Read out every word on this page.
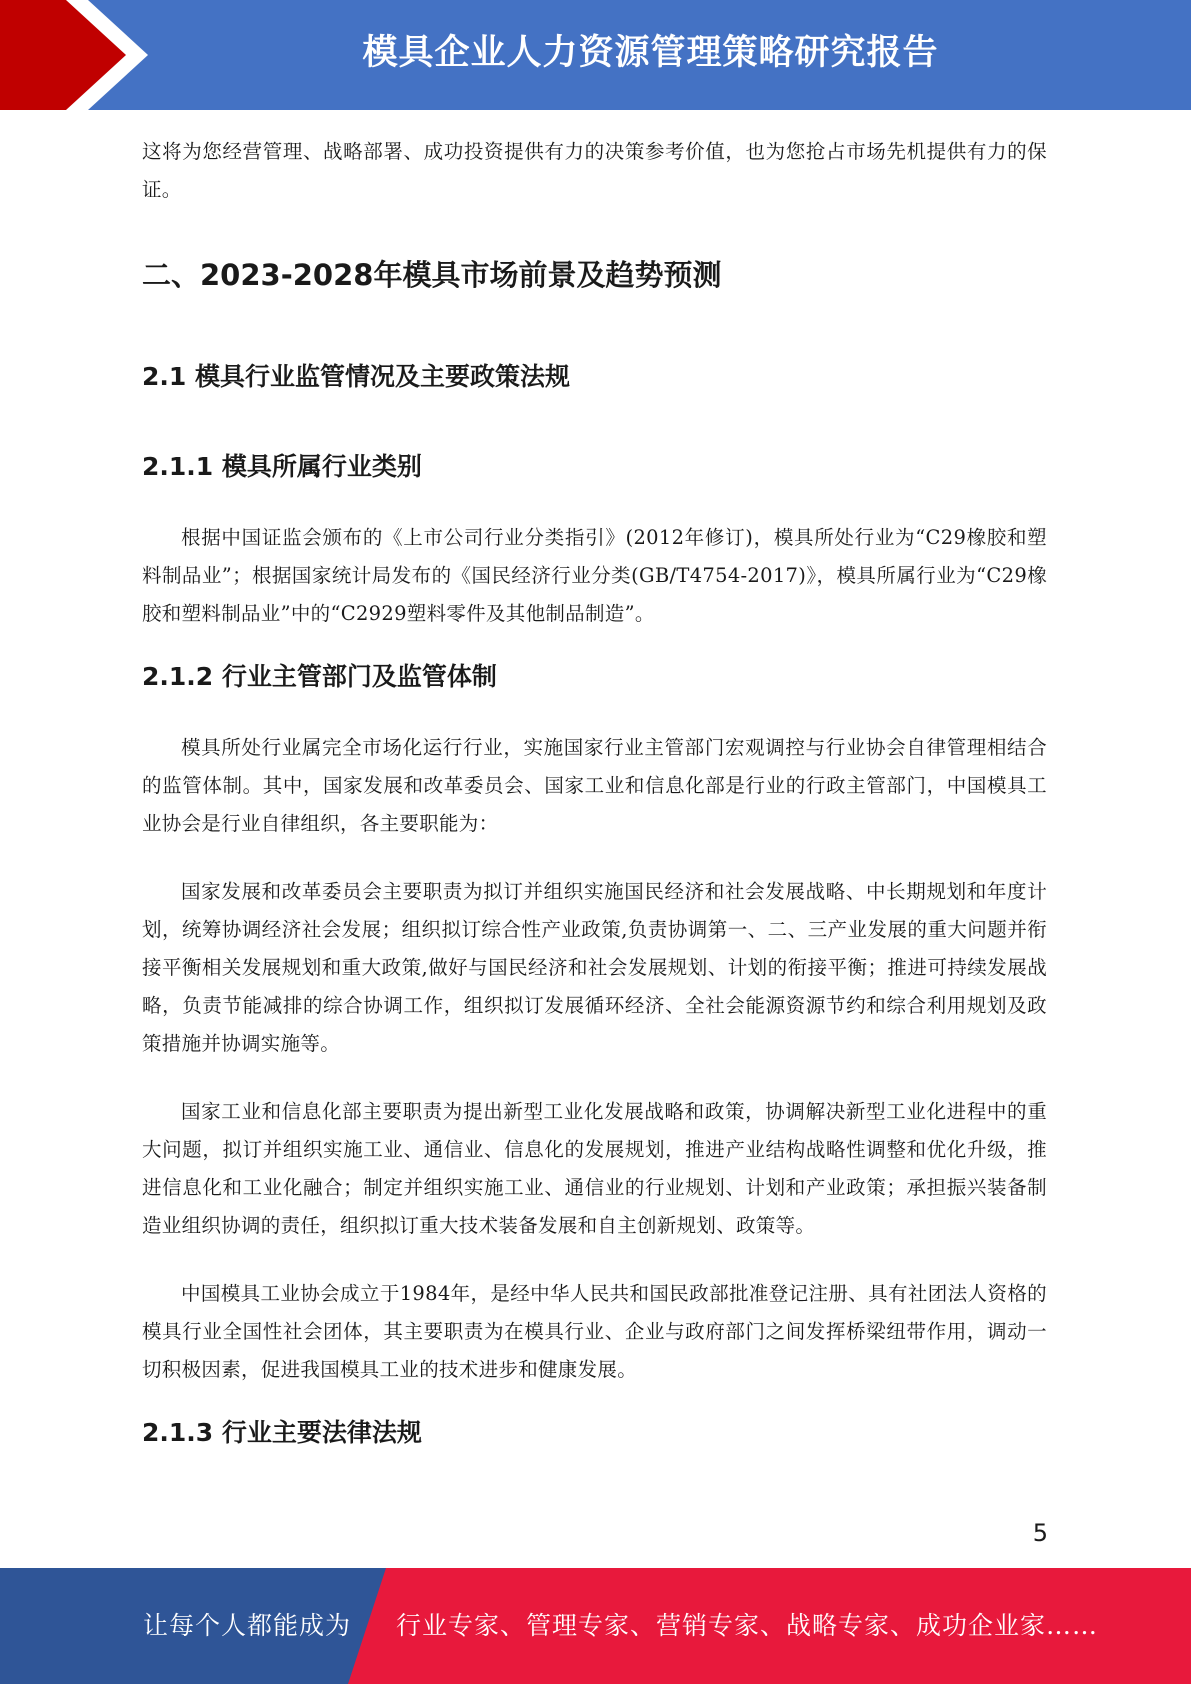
模具企业人力资源管理策略研究报告

这将为您经营管理、战略部署、成功投资提供有力的决策参考价值，也为您抢占市场先机提供有力的保证。

二、2023-2028年模具市场前景及趋势预测
2.1 模具行业监管情况及主要政策法规
2.1.1 模具所属行业类别

根据中国证监会颁布的《上市公司行业分类指引》(2012年修订)，模具所处行业为“C29橡胶和塑料制品业”；根据国家统计局发布的《国民经济行业分类(GB/T4754-2017)》，模具所属行业为“C29橡胶和塑料制品业”中的“C2929塑料零件及其他制品制造”。

2.1.2 行业主管部门及监管体制

模具所处行业属完全市场化运行行业，实施国家行业主管部门宏观调控与行业协会自律管理相结合的监管体制。其中，国家发展和改革委员会、国家工业和信息化部是行业的行政主管部门，中国模具工业协会是行业自律组织，各主要职能为：

国家发展和改革委员会主要职责为拟订并组织实施国民经济和社会发展战略、中长期规划和年度计划，统筹协调经济社会发展；组织拟订综合性产业政策,负责协调第一、二、三产业发展的重大问题并衔接平衡相关发展规划和重大政策,做好与国民经济和社会发展规划、计划的衔接平衡；推进可持续发展战略，负责节能减排的综合协调工作，组织拟订发展循环经济、全社会能源资源节约和综合利用规划及政策措施并协调实施等。

国家工业和信息化部主要职责为提出新型工业化发展战略和政策，协调解决新型工业化进程中的重大问题，拟订并组织实施工业、通信业、信息化的发展规划，推进产业结构战略性调整和优化升级，推进信息化和工业化融合；制定并组织实施工业、通信业的行业规划、计划和产业政策；承担振兴装备制造业组织协调的责任，组织拟订重大技术装备发展和自主创新规划、政策等。

中国模具工业协会成立于1984年，是经中华人民共和国民政部批准登记注册、具有社团法人资格的模具行业全国性社会团体，其主要职责为在模具行业、企业与政府部门之间发挥桥梁纽带作用，调动一切积极因素，促进我国模具工业的技术进步和健康发展。

2.1.3 行业主要法律法规
5
让每个人都能成为 行业专家、管理专家、营销专家、战略专家、成功企业家……
